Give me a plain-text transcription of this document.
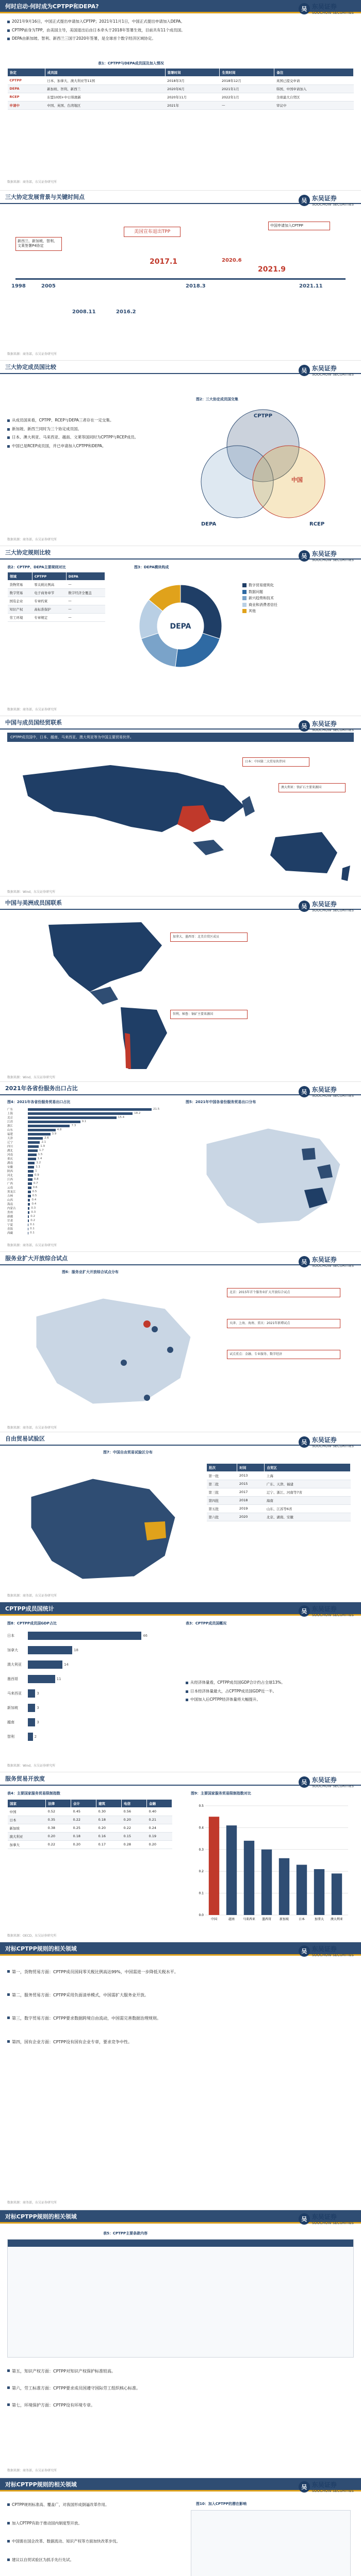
何时启动·何时成为CPTPP和DEPA?	吴 东吴证券
SOOCHOW SECURITIES
2021年9月16日，中国正式提出申请加入CPTPP；2021年11月1日，中国正式提出申请加入DEPA。
CPTPP前身为TPP，由美国主导，美国退出后由日本牵头于2018年签署生效，目前共有11个成员国。
DEPA由新加坡、智利、新西兰三国于2020年签署，是全球首个数字经济区域协定。
表1：CPTPP与DEPA成员国及加入情况
协定	成员国	签署时间	生效时间	备注
CPTPP	日本、加拿大、澳大利亚等11国	2018年3月	2018年12月	英国已提交申请
DEPA	新加坡、智利、新西兰	2020年6月	2021年1月	韩国、中国申请加入
RCEP	东盟10国+中日韩澳新	2020年11月	2022年1月	全球最大自贸区
申请中	中国、英国、台湾地区	2021年	—	审议中
数据来源：商务部，东吴证券研究所
三大协定发展背景与关键时间点	吴 东吴证券
SOOCHOW SECURITIES
1998	2005
2008.11	2016.2
2017.1
2018.3
2020.6
2021.9
2021.11
新西兰、新加坡、智利、文莱签署P4协定
美国宣布退出TPP
中国申请加入CPTPP
数据来源：商务部，东吴证券研究所
三大协定成员国比较	吴 东吴证券
SOOCHOW SECURITIES
从成员国来看，CPTPP、RCEP与DEPA三者存在一定交集。
新加坡、新西兰同时为三个协定成员国。
日本、澳大利亚、马来西亚、越南、文莱等国同时为CPTPP与RCEP成员。
中国已是RCEP成员国，并已申请加入CPTPP和DEPA。
图2：三大协定成员国交集
CPTPP
DEPA	RCEP
中国
数据来源：商务部，东吴证券研究所
三大协定规则比较	吴 东吴证券
SOOCHOW SECURITIES
表2：CPTPP、DEPA主要规则对比
领域	CPTPP	DEPA
货物贸易	零关税比例高	—
数字贸易	电子商务章节	数字经济全覆盖
国有企业	专章约束	—
知识产权	高标准保护	—
劳工环境	专章规定	—
图3：DEPA模块构成
DEPA
数字贸易便利化
数据问题
新兴趋势和技术
商业和消费者信任
其他
数据来源：商务部，东吴证券研究所
中国与成员国经贸联系	吴 东吴证券
SOOCHOW SECURITIES
CPTPP成员国中，日本、越南、马来西亚、澳大利亚等为中国主要贸易伙伴。
日本：中国第二大贸易伙伴国
澳大利亚：铁矿石主要来源国
数据来源：Wind，东吴证券研究所
中国与美洲成员国联系	吴 东吴证券
SOOCHOW SECURITIES
加拿大、墨西哥：北美自贸区成员
智利、秘鲁：铜矿主要来源国
数据来源：Wind，东吴证券研究所
2021年各省份服务出口占比	吴 东吴证券
SOOCHOW SECURITIES
图4：2021年各省份服务贸易出口占比
广东	21.5
上海	18.2
北京	15.4
江苏	9.1
浙江	7.3
山东	4.8
福建	3.9
天津	2.6
辽宁	2.1
四川	1.9
湖北	1.7
河南	1.5
重庆	1.4
湖南	1.2
安徽	1.1
陕西	1
河北	0.9
江西	0.8
广西	0.7
云南	0.6
黑龙江	0.5
吉林	0.5
山西	0.4
海南	0.4
内蒙古	0.3
贵州	0.3
新疆	0.2
甘肃	0.2
宁夏	0.1
青海	0.1
西藏	0.1
图5：2021年中国各省份服务贸易出口分布
数据来源：商务部，东吴证券研究所
服务业扩大开放综合试点	吴 东吴证券
SOOCHOW SECURITIES
图6：服务业扩大开放综合试点分布
北京：2015年首个服务业扩大开放综合试点
天津、上海、海南、重庆：2021年新增试点
试点重点：金融、专业服务、数字经济
数据来源：商务部，东吴证券研究所
自由贸易试验区	吴 东吴证券
SOOCHOW SECURITIES
图7：中国自由贸易试验区分布
批次	时间	自贸区
第一批	2013	上海
第二批	2015	广东、天津、福建
第三批	2017	辽宁、浙江、河南等7省
第四批	2018	海南
第五批	2019	山东、江苏等6省
第六批	2020	北京、湖南、安徽
数据来源：商务部，东吴证券研究所
CPTPP成员国统计	吴 东吴证券
SOOCHOW SECURITIES
图8：CPTPP成员国GDP占比
日本	46
加拿大	18
澳大利亚	14
墨西哥	11
马来西亚	3
新加坡	3
越南	3
智利	2
表3：CPTPP成员国概况
从经济体量看，CPTPP成员国GDP合计约占全球13%。
日本经济体量最大，占CPTPP成员国GDP近一半。
中国加入后CPTPP经济体量将大幅提升。
数据来源：Wind，东吴证券研究所
服务贸易开放度	吴 东吴证券
SOOCHOW SECURITIES
表4：主要国家服务贸易限制指数
国家	法律	会计	建筑	电信	金融
中国	0.52	0.45	0.30	0.56	0.40
日本	0.35	0.22	0.18	0.20	0.21
新加坡	0.38	0.25	0.20	0.22	0.24
澳大利亚	0.20	0.18	0.16	0.15	0.19
加拿大	0.22	0.20	0.17	0.28	0.20
图9：主要国家服务贸易限制指数对比
0.0
0.1
0.2
0.3
0.4
0.5
中国	越南	马来西亚 墨西哥	新加坡	日本	加拿大 澳大利亚
数据来源：OECD，东吴证券研究所
对标CPTPP规则的相关领域	吴 东吴证券
SOOCHOW SECURITIES
第一，货物贸易方面：CPTPP成员国间零关税比例高达99%，中国需进一步降低关税水平。
第二，服务贸易方面：CPTPP采用负面清单模式，中国需扩大服务业开放。
第三，数字贸易方面：CPTPP要求数据跨境自由流动，中国需完善数据治理规则。
第四，国有企业方面：CPTPP设有国有企业专章，要求竞争中性。
数据来源：商务部，东吴证券研究所
对标CPTPP规则的相关领域	吴 东吴证券
SOOCHOW SECURITIES
表5：CPTPP主要条款内容
第五，知识产权方面：CPTPP对知识产权保护标准较高。
第六，劳工标准方面：CPTPP要求成员国遵守国际劳工组织核心标准。
第七，环境保护方面：CPTPP设有环境专章。
数据来源：商务部，东吴证券研究所
对标CPTPP规则的相关领域	吴 东吴证券
SOOCHOW SECURITIES
CPTPP规则标准高、覆盖广，对我国形成倒逼改革作用。
加入CPTPP有助于推动国内制度型开放。
中国需在国企改革、数据流动、知识产权等方面加快改革步伐。
建议以自贸试验区为抓手先行先试。
图10：加入CPTPP的潜在影响
